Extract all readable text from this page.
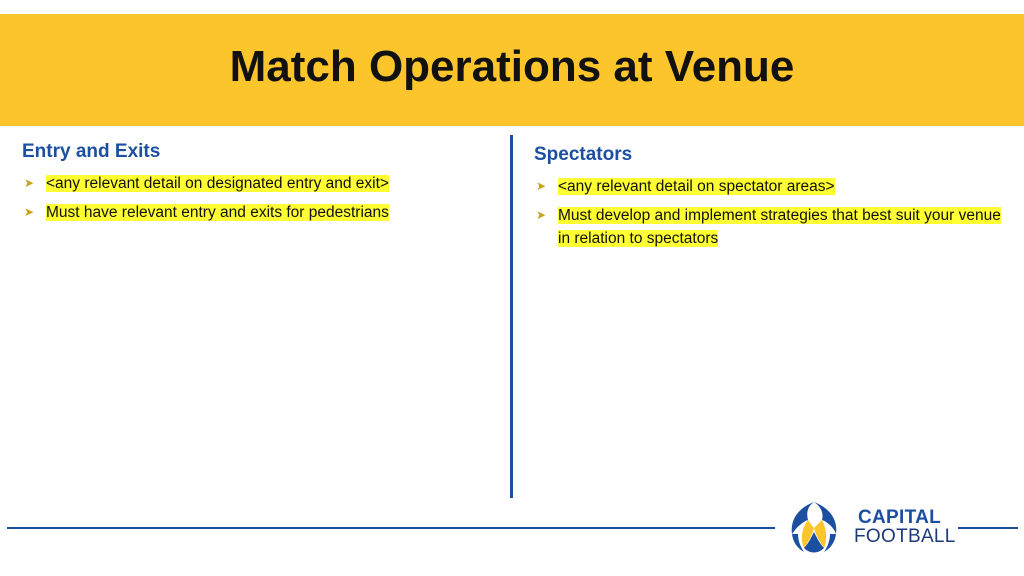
Match Operations at Venue
Entry and Exits
➤ <any relevant detail on designated entry and exit>
➤ Must have relevant entry and exits for pedestrians
Spectators
➤ <any relevant detail on spectator areas>
➤ Must develop and implement strategies that best suit your venue in relation to spectators
CAPITAL
FOOTBALL
